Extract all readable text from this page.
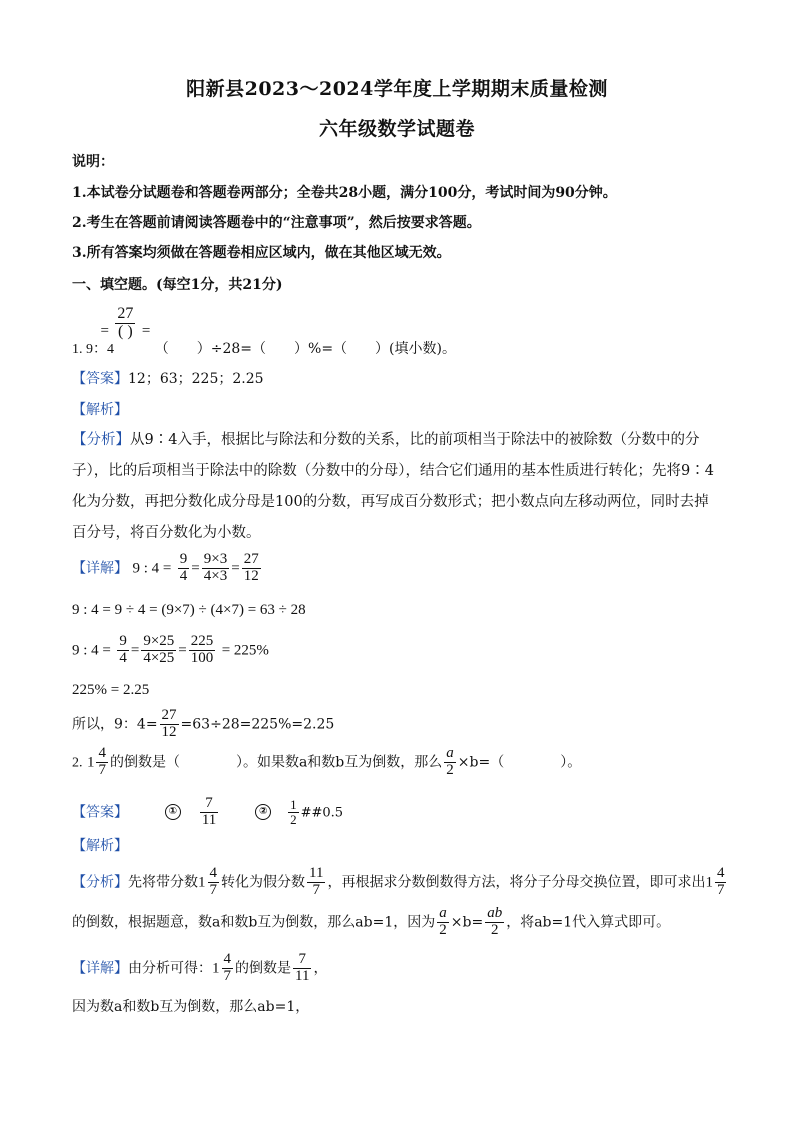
阳新县2023～2024学年度上学期期末质量检测
六年级数学试题卷
说明：
1.本试卷分试题卷和答题卷两部分；全卷共28小题，满分100分，考试时间为90分钟。
2.考生在答题前请阅读答题卷中的“注意事项”，然后按要求答题。
3.所有答案均须做在答题卷相应区域内，做在其他区域无效。
一、填空题。(每空1分，共21分)
1. 9：$4 = \frac{27}{( )}$ = （　　）÷28=（　　）%=（　　）(填小数)。
【答案】12；63；225；2.25
【解析】
【分析】从9∶4入手，根据比与除法和分数的关系，比的前项相当于除法中的被除数（分数中的分子），比的后项相当于除法中的除数（分数中的分母），结合它们通用的基本性质进行转化；先将9∶4化为分数，再把分数化成分母是100的分数，再写成百分数形式；把小数点向左移动两位，同时去掉百分号，将百分数化为小数。
【详解】 9 : $4 = \frac{9}{4} = \frac{9\times 3}{4\times 3} = \frac{27}{12}$
9 : 4 = 9 ÷ 4 = (9×7) ÷ (4×7) = 63 ÷ 28
9 : $4 = \frac{9}{4} = \frac{9\times 25}{4\times 25} = \frac{225}{100} = 225\%$
225% = 2.25
所以，9：$4= \frac{27}{12} =63\div 28=225\%=2.25$
2. $1 \frac{4}{7}$ 的倒数是（　　　　）。如果数a和数b互为倒数，那么 $\frac{a}{2} \times b=$（　　　　）。
【答案】	① $\frac{7}{11}$	② $\frac{1}{2}$ ##0.5
【解析】
【分析】先将带分数$1 \frac{4}{7}$ 转化为假分数 $\frac{11}{7}$ ，再根据求分数倒数得方法，将分子分母交换位置，即可求出$1 \frac{4}{7}$
的倒数，根据题意，数a和数b互为倒数，那么ab=1，因为 $\frac{a}{2} \times b= \frac{ab}{2}$ ，将ab=1代入算式即可。
【详解】由分析可得：$1 \frac{4}{7}$ 的倒数是 $\frac{7}{11}$ ，
因为数a和数b互为倒数，那么ab=1，
